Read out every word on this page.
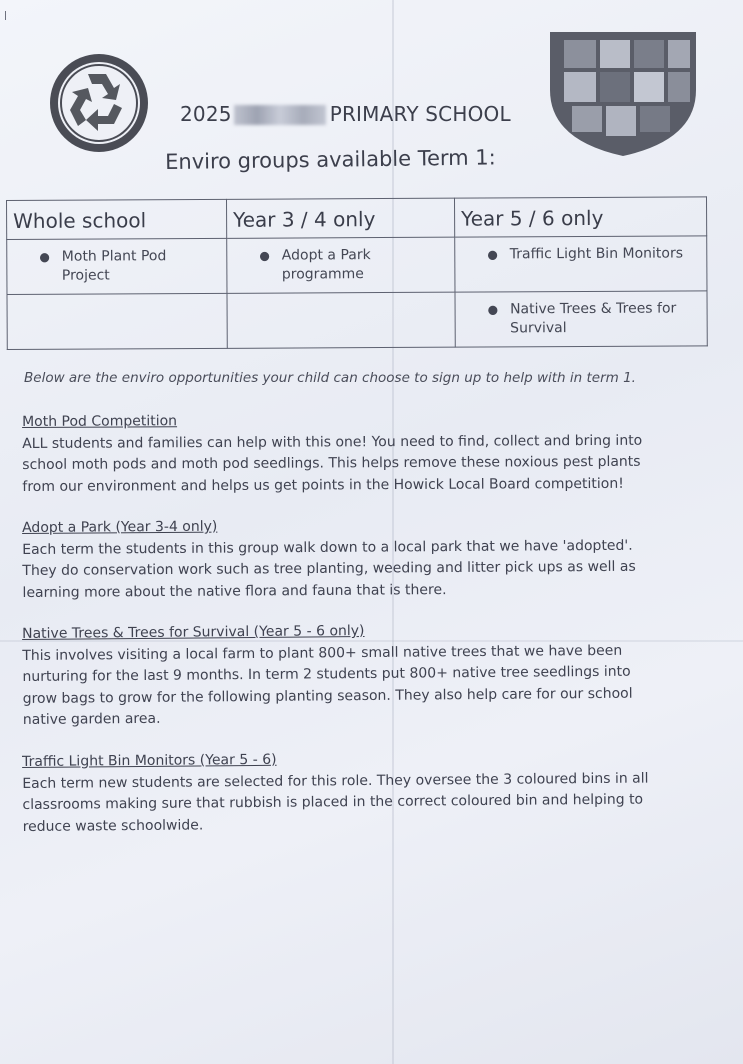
ǀ
2025	PRIMARY SCHOOL
Enviro groups available Term 1:
Whole school	Year 3 / 4 only	Year 5 / 6 only

● Moth Plant Pod Project	● Adopt a Park programme	● Traffic Light Bin Monitors

		● Native Trees & Trees for Survival
Below are the enviro opportunities your child can choose to sign up to help with in term 1.
Moth Pod Competition
ALL students and families can help with this one! You need to find, collect and bring into school moth pods and moth pod seedlings. This helps remove these noxious pest plants from our environment and helps us get points in the Howick Local Board competition!
Adopt a Park (Year 3-4 only)
Each term the students in this group walk down to a local park that we have 'adopted'. They do conservation work such as tree planting, weeding and litter pick ups as well as learning more about the native flora and fauna that is there.
Native Trees & Trees for Survival (Year 5 - 6 only)
This involves visiting a local farm to plant 800+ small native trees that we have been nurturing for the last 9 months. In term 2 students put 800+ native tree seedlings into grow bags to grow for the following planting season. They also help care for our school native garden area.
Traffic Light Bin Monitors (Year 5 - 6)
Each term new students are selected for this role. They oversee the 3 coloured bins in all classrooms making sure that rubbish is placed in the correct coloured bin and helping to reduce waste schoolwide.
